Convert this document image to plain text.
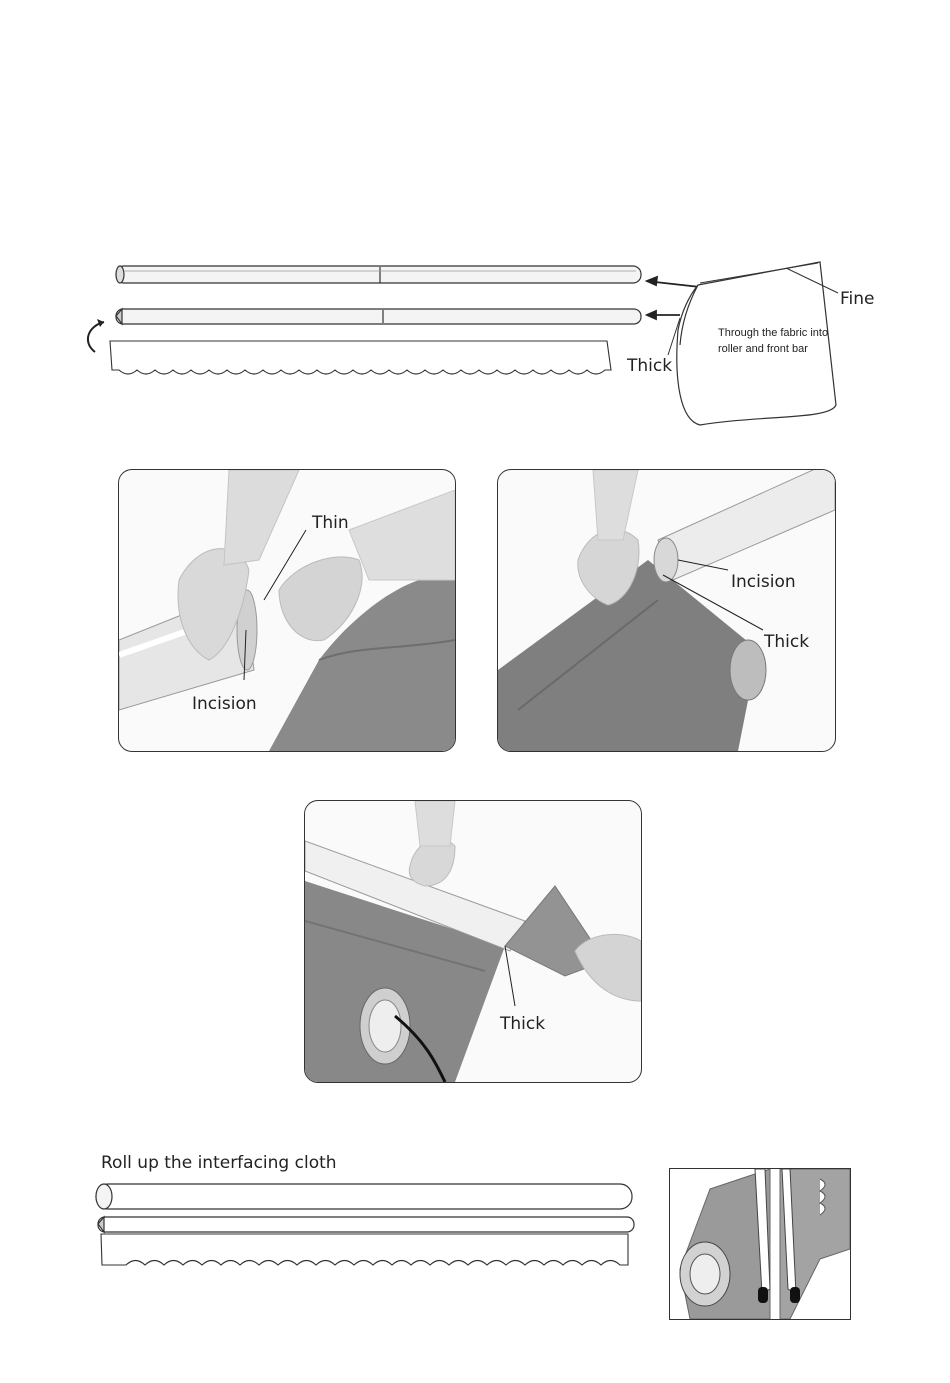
Fine
Thick
Through the fabric into
roller and front bar
Thin
Incision
Incision
Thick
Thick
Roll up the interfacing cloth
